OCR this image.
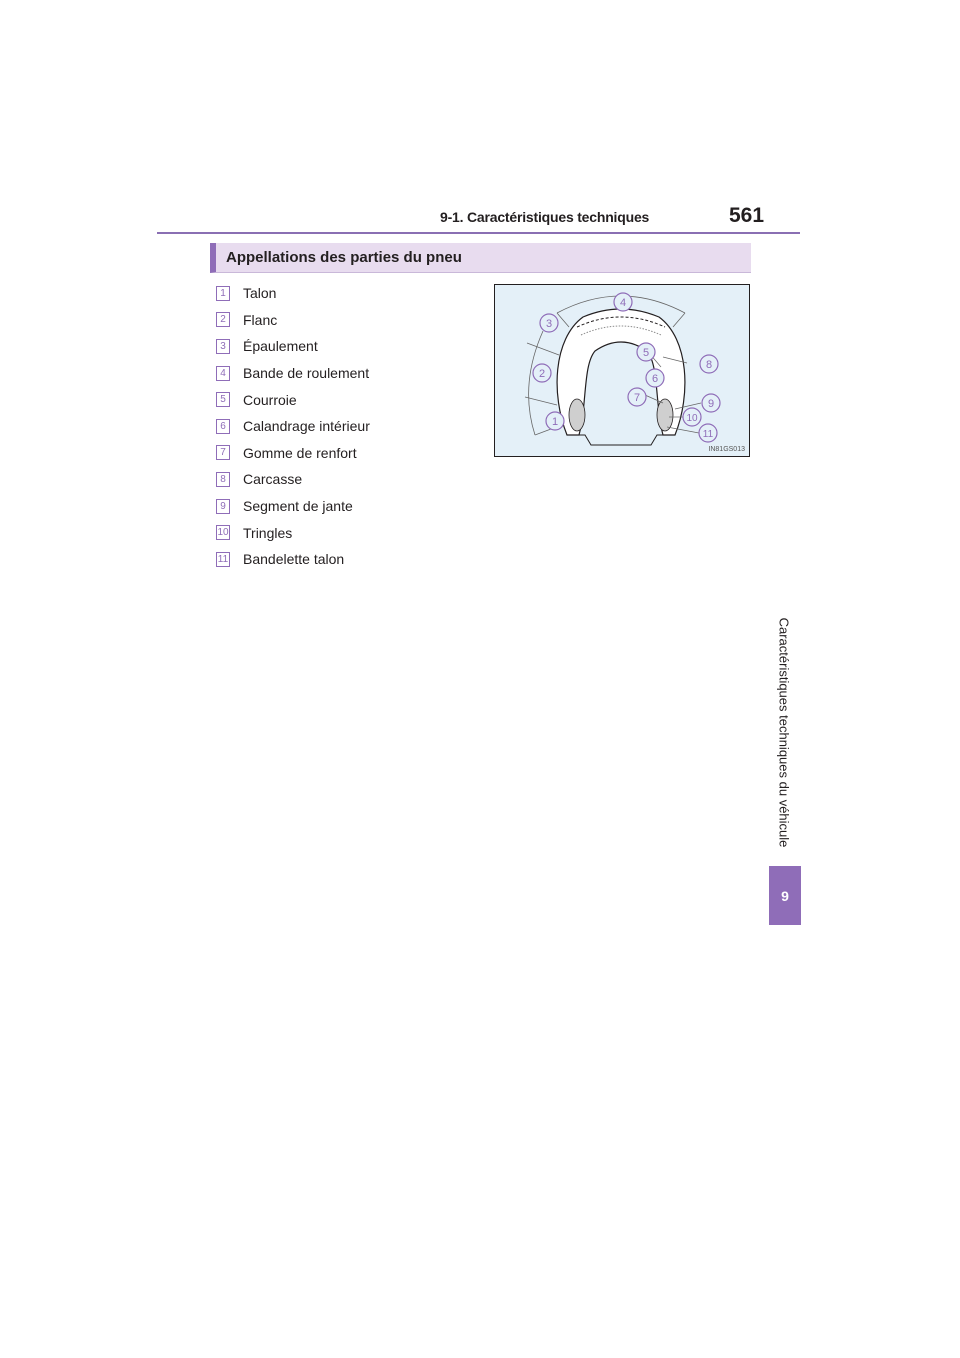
9-1. Caractéristiques techniques	561
Caractéristiques techniques du véhicule
9
Appellations des parties du pneu
1	Talon
2	Flanc
3	Épaulement
4	Bande de roulement
5	Courroie
6	Calandrage intérieur
7	Gomme de renfort
8	Carcasse
9	Segment de jante
10 Tringles
11 Bandelette talon
1
2
3
4
5
6
7
8
9
10
11
IN81GS013
